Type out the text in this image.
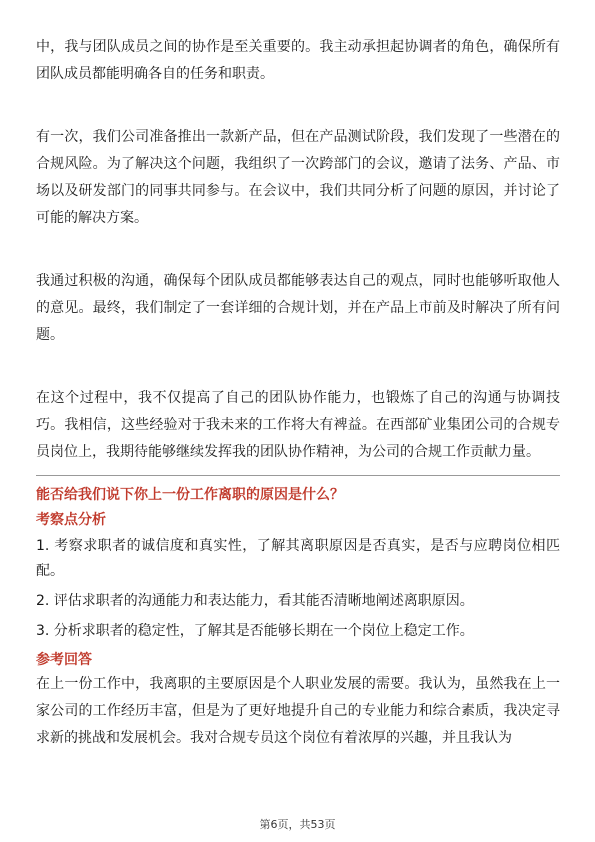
中，我与团队成员之间的协作是至关重要的。我主动承担起协调者的角色，确保所有团队成员都能明确各自的任务和职责。

有一次，我们公司准备推出一款新产品，但在产品测试阶段，我们发现了一些潜在的合规风险。为了解决这个问题，我组织了一次跨部门的会议，邀请了法务、产品、市场以及研发部门的同事共同参与。在会议中，我们共同分析了问题的原因，并讨论了可能的解决方案。

我通过积极的沟通，确保每个团队成员都能够表达自己的观点，同时也能够听取他人的意见。最终，我们制定了一套详细的合规计划，并在产品上市前及时解决了所有问题。

在这个过程中，我不仅提高了自己的团队协作能力，也锻炼了自己的沟通与协调技巧。我相信，这些经验对于我未来的工作将大有裨益。在西部矿业集团公司的合规专员岗位上，我期待能够继续发挥我的团队协作精神，为公司的合规工作贡献力量。

能否给我们说下你上一份工作离职的原因是什么？

考察点分析

1. 考察求职者的诚信度和真实性，了解其离职原因是否真实，是否与应聘岗位相匹配。

2. 评估求职者的沟通能力和表达能力，看其能否清晰地阐述离职原因。

3. 分析求职者的稳定性，了解其是否能够长期在一个岗位上稳定工作。

参考回答

在上一份工作中，我离职的主要原因是个人职业发展的需要。我认为，虽然我在上一家公司的工作经历丰富，但是为了更好地提升自己的专业能力和综合素质，我决定寻求新的挑战和发展机会。我对合规专员这个岗位有着浓厚的兴趣，并且我认为

第6页，共53页
